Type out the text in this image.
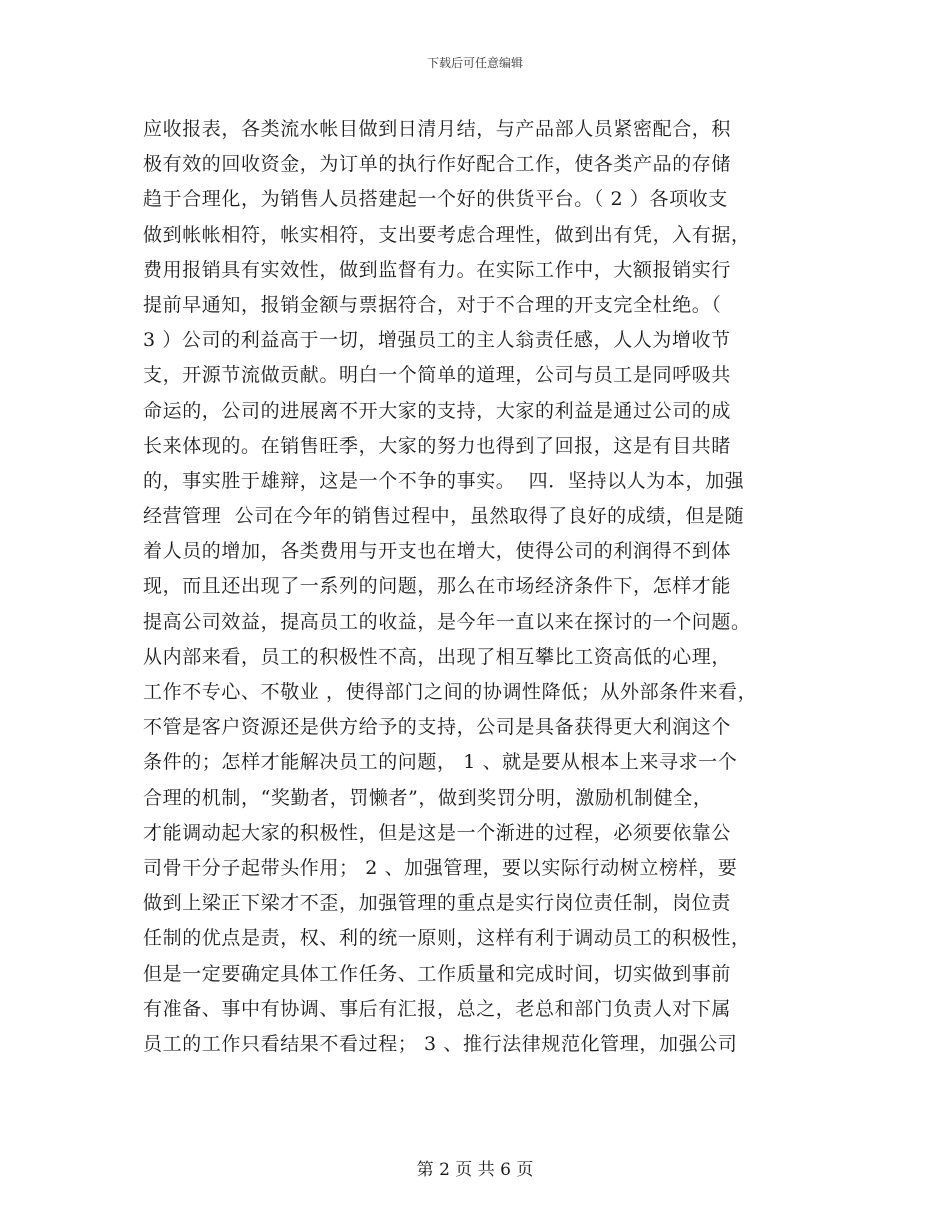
下载后可任意编辑
应收报表，各类流水帐目做到日清月结，与产品部人员紧密配合，积
极有效的回收资金，为订单的执行作好配合工作，使各类产品的存储
趋于合理化，为销售人员搭建起一个好的供货平台。（ 2 ）各项收支
做到帐帐相符，帐实相符，支出要考虑合理性，做到出有凭，入有据，
费用报销具有实效性，做到监督有力。在实际工作中，大额报销实行
提前早通知，报销金额与票据符合，对于不合理的开支完全杜绝。（
3 ）公司的利益高于一切，增强员工的主人翁责任感，人人为增收节
支，开源节流做贡献。明白一个简单的道理，公司与员工是同呼吸共
命运的，公司的进展离不开大家的支持，大家的利益是通过公司的成
长来体现的。在销售旺季，大家的努力也得到了回报，这是有目共睹
的，事实胜于雄辩，这是一个不争的事实。  四．坚持以人为本，加强
经营管理  公司在今年的销售过程中，虽然取得了良好的成绩，但是随
着人员的增加，各类费用与开支也在增大，使得公司的利润得不到体
现，而且还出现了一系列的问题，那么在市场经济条件下，怎样才能
提高公司效益，提高员工的收益，是今年一直以来在探讨的一个问题。
从内部来看，员工的积极性不高，出现了相互攀比工资高低的心理，
工作不专心、不敬业 ，使得部门之间的协调性降低；从外部条件来看，
不管是客户资源还是供方给予的支持，公司是具备获得更大利润这个
条件的；怎样才能解决员工的问题， 1 、就是要从根本上来寻求一个
合理的机制，“奖勤者，罚懒者”，做到奖罚分明，激励机制健全，
才能调动起大家的积极性，但是这是一个渐进的过程，必须要依靠公
司骨干分子起带头作用； 2 、加强管理，要以实际行动树立榜样，要
做到上梁正下梁才不歪，加强管理的重点是实行岗位责任制，岗位责
任制的优点是责，权、利的统一原则，这样有利于调动员工的积极性，
但是一定要确定具体工作任务、工作质量和完成时间，切实做到事前
有准备、事中有协调、事后有汇报，总之，老总和部门负责人对下属
员工的工作只看结果不看过程； 3 、推行法律规范化管理，加强公司
第 2 页 共 6 页
